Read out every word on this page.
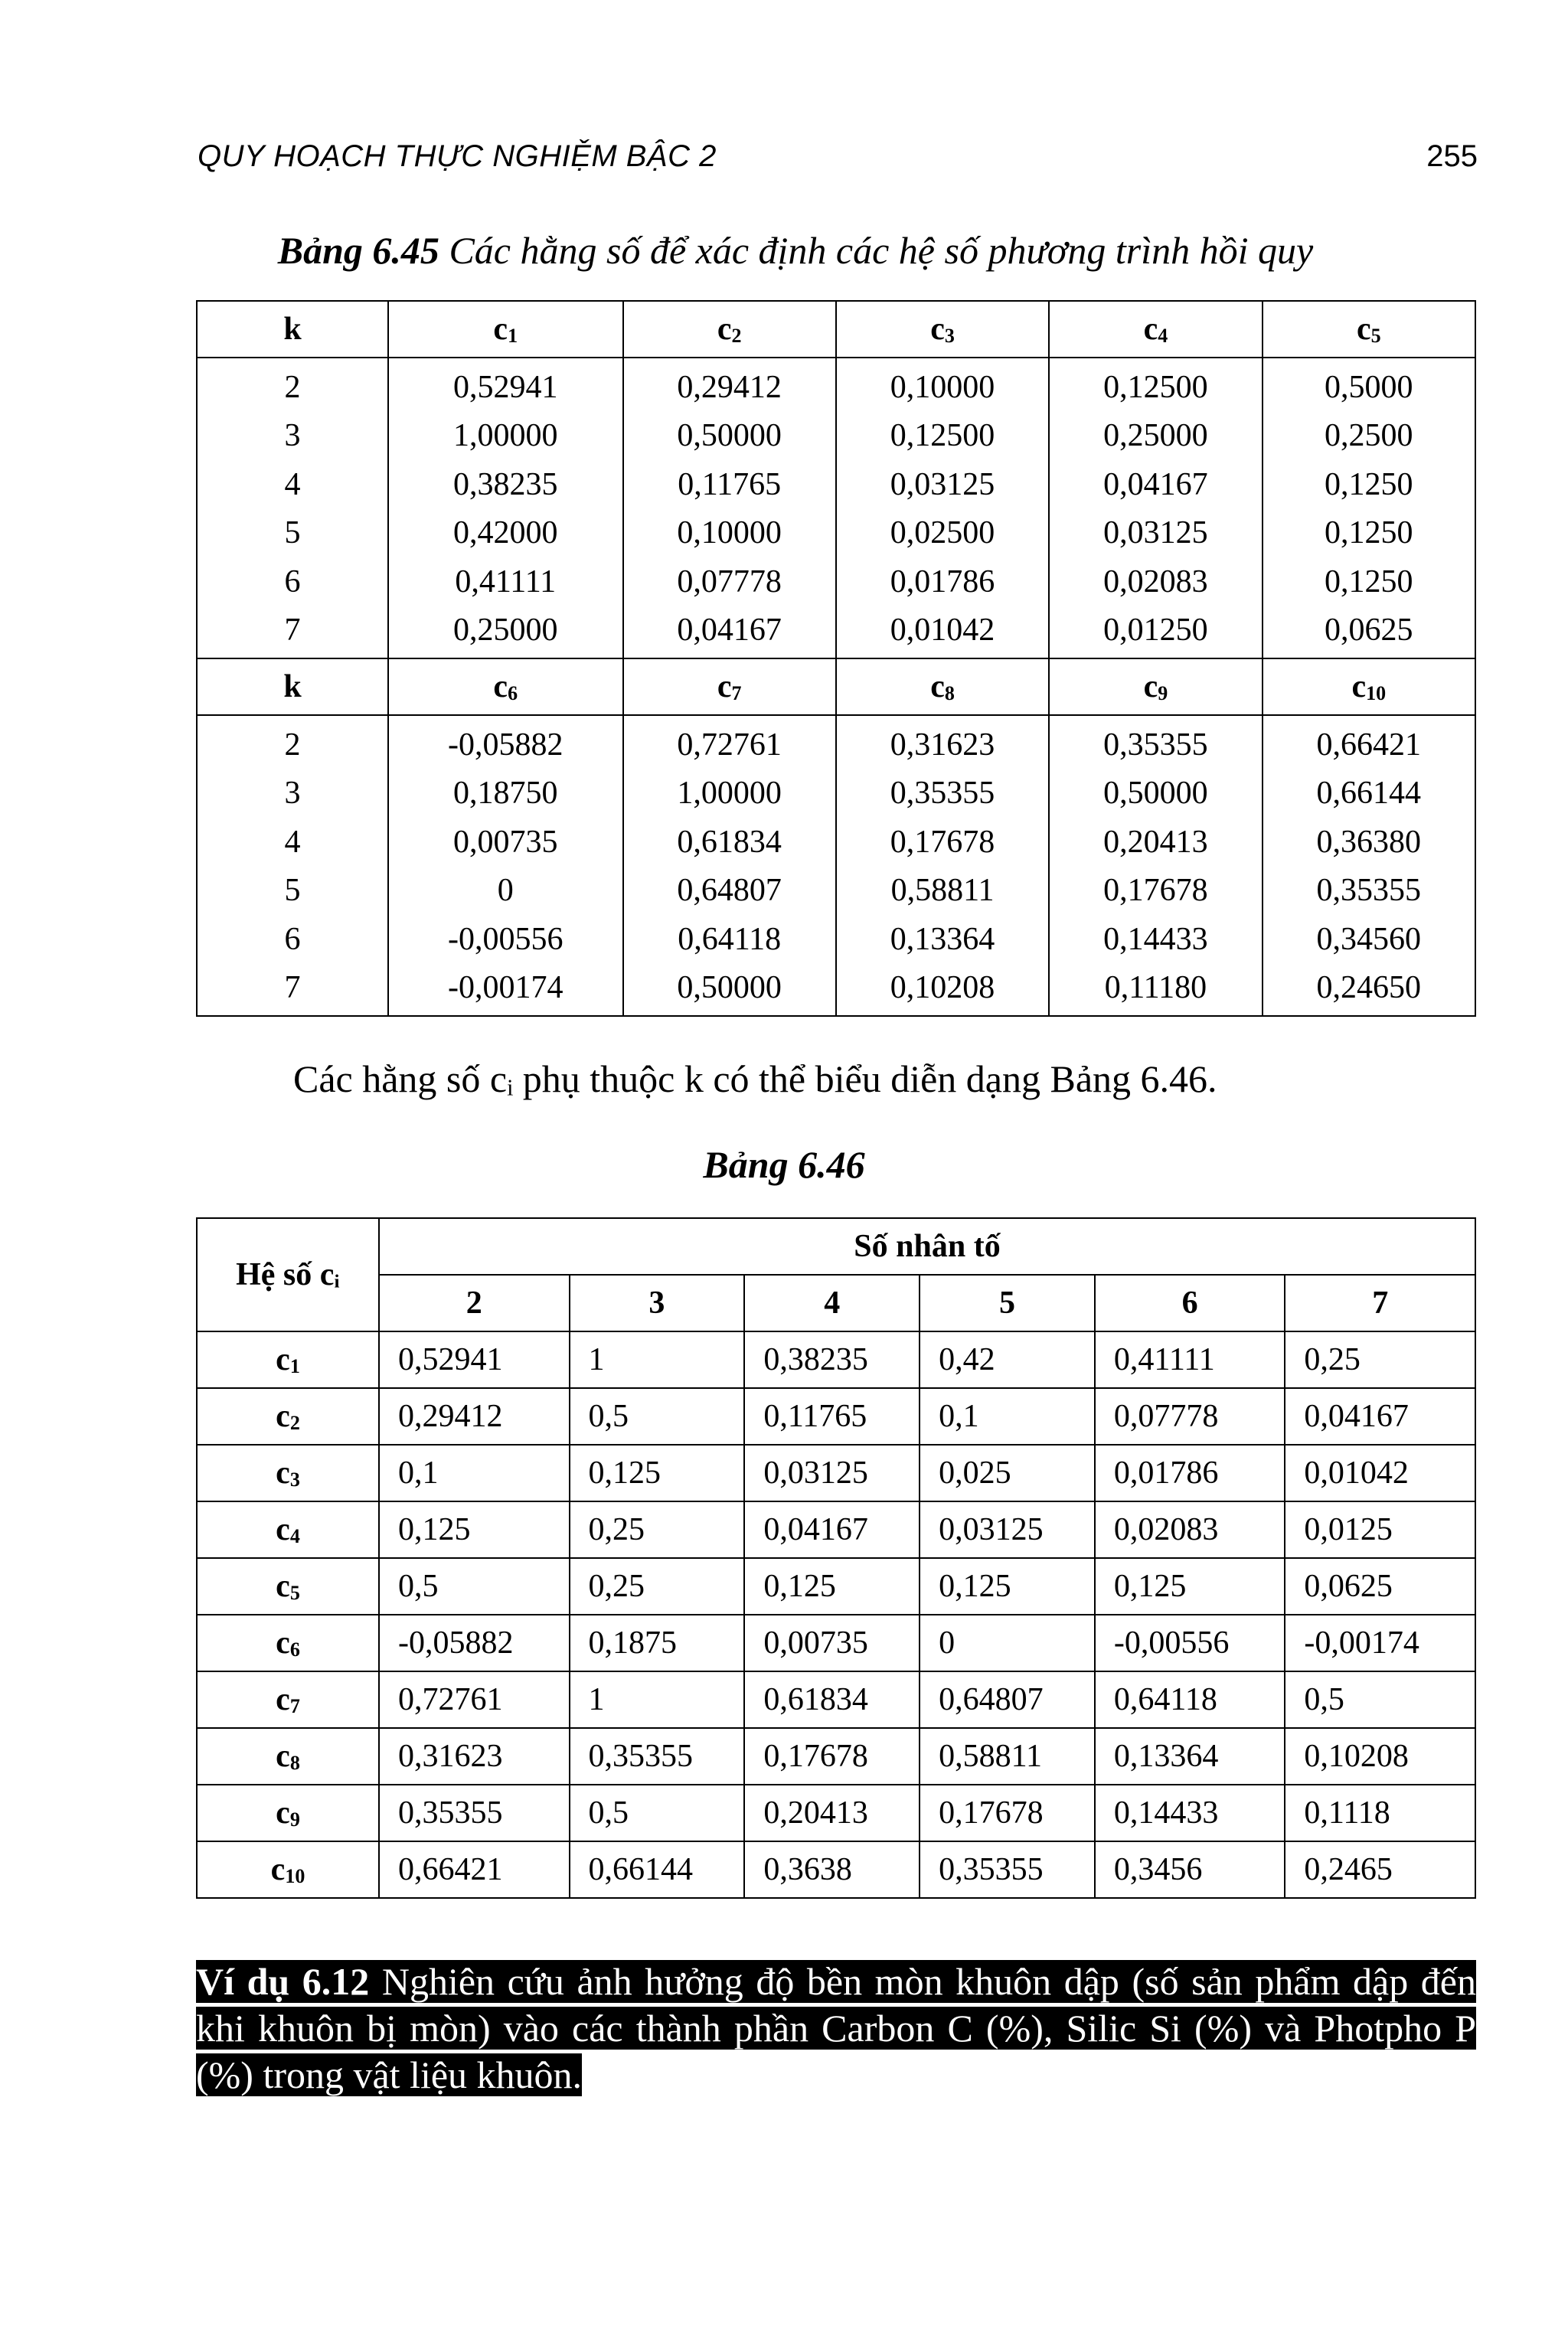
QUY HOẠCH THỰC NGHIỆM BẬC 2	255
Bảng 6.45 Các hằng số để xác định các hệ số phương trình hồi quy
k	$c_1$	$c_2$	$c_3$	$c_4$	$c_5$
2	0,52941	0,29412	0,10000	0,12500	0,5000
3	1,00000	0,50000	0,12500	0,25000	0,2500
4	0,38235	0,11765	0,03125	0,04167	0,1250
5	0,42000	0,10000	0,02500	0,03125	0,1250
6	0,41111	0,07778	0,01786	0,02083	0,1250
7	0,25000	0,04167	0,01042	0,01250	0,0625
k	$c_6$	$c_7$	$c_8$	$c_9$	$c_{10}$
2	-0,05882	0,72761	0,31623	0,35355	0,66421
3	0,18750	1,00000	0,35355	0,50000	0,66144
4	0,00735	0,61834	0,17678	0,20413	0,36380
5	0	0,64807	0,58811	0,17678	0,35355
6	-0,00556	0,64118	0,13364	0,14433	0,34560
7	-0,00174	0,50000	0,10208	0,11180	0,24650
Các hằng số cᵢ phụ thuộc k có thể biểu diễn dạng Bảng 6.46.
Bảng 6.46
Hệ số cᵢ	Số nhân tố					
	2	3	4	5	6	7
$c_1$	0,52941	1	0,38235	0,42	0,41111	0,25
$c_2$	0,29412	0,5	0,11765	0,1	0,07778	0,04167
$c_3$	0,1	0,125	0,03125	0,025	0,01786	0,01042
$c_4$	0,125	0,25	0,04167	0,03125	0,02083	0,0125
$c_5$	0,5	0,25	0,125	0,125	0,125	0,0625
$c_6$	-0,05882	0,1875	0,00735	0	-0,00556	-0,00174
$c_7$	0,72761	1	0,61834	0,64807	0,64118	0,5
$c_8$	0,31623	0,35355	0,17678	0,58811	0,13364	0,10208
$c_9$	0,35355	0,5	0,20413	0,17678	0,14433	0,1118
$c_{10}$	0,66421	0,66144	0,3638	0,35355	0,3456	0,2465
Ví dụ 6.12 Nghiên cứu ảnh hưởng độ bền mòn khuôn dập (số sản phẩm dập đến khi khuôn bị mòn) vào các thành phần Carbon C (%), Silic Si (%) và Photpho P (%) trong vật liệu khuôn.
